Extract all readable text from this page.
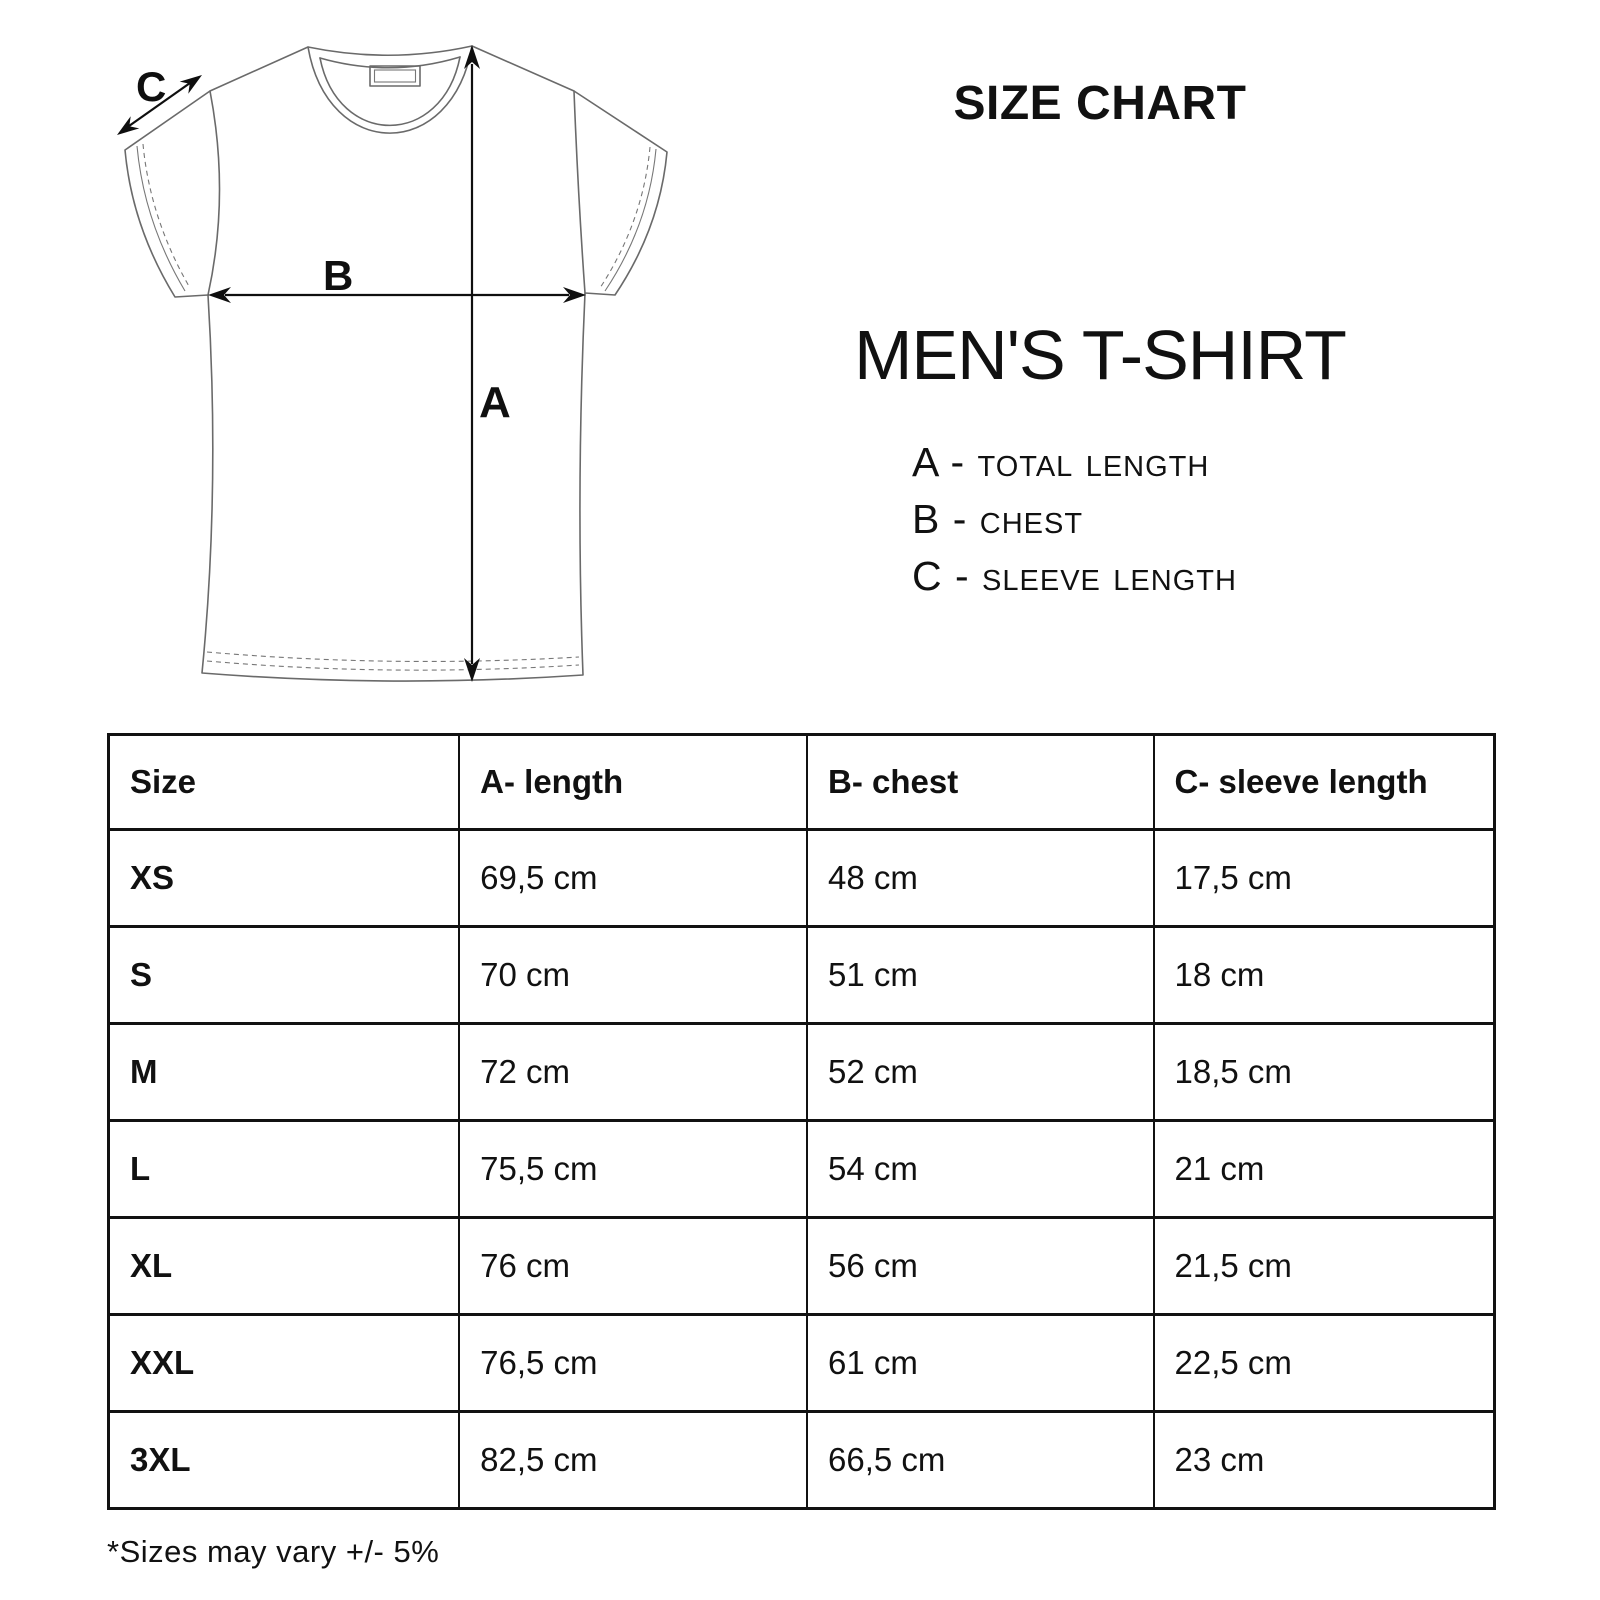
A
B
C	SIZE CHART
MEN'S T-SHIRT
A - total length
B - chest
C - sleeve length
Size	A- length	B- chest	C- sleeve length
XS	69,5 cm	48 cm	17,5 cm
S	70 cm	51 cm	18 cm
M	72 cm	52 cm	18,5 cm
L	75,5 cm	54 cm	21 cm
XL	76 cm	56 cm	21,5 cm
XXL	76,5 cm	61 cm	22,5 cm
3XL	82,5 cm	66,5 cm	23 cm
*Sizes may vary +/- 5%
